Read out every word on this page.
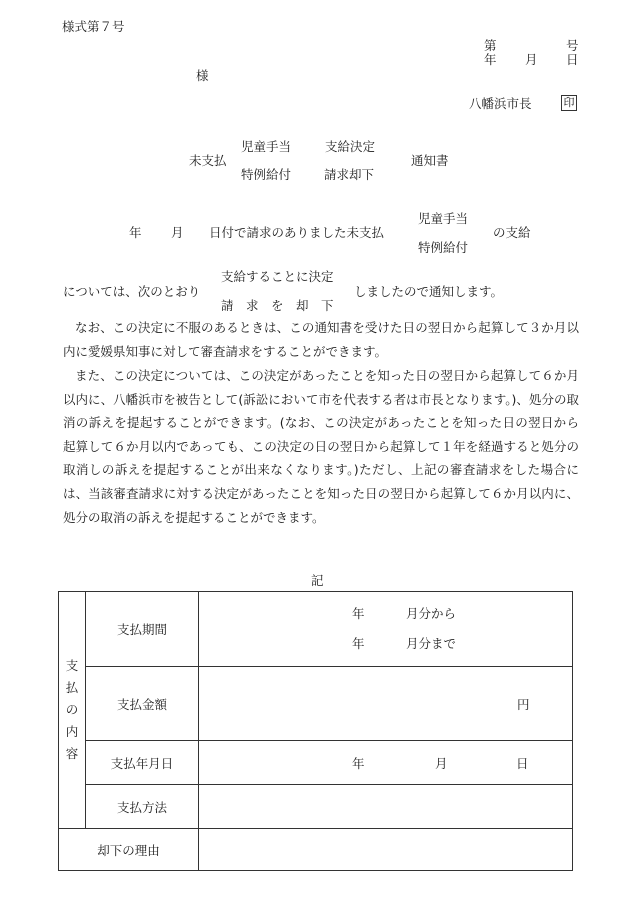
様式第７号
第	号
年 月 日
様
八幡浜市長	印
児童手当	支給決定
未支払	通知書
特例給付	請求却下
児童手当
年 月 日付で請求のありました未支払	の支給
特例給付
支給することに決定
については、次のとおり	しましたので通知します。
請　求　を　却　下
なお、この決定に不服のあるときは、この通知書を受けた日の翌日から起算して３か月以内に愛媛県知事に対して審査請求をすることができます。
また、この決定については、この決定があったことを知った日の翌日から起算して６か月以内に、八幡浜市を被告として(訴訟において市を代表する者は市長となります。)、処分の取消の訴えを提起することができます。(なお、この決定があったことを知った日の翌日から起算して６か月以内であっても、この決定の日の翌日から起算して１年を経過すると処分の取消しの訴えを提起することが出来なくなります。)ただし、上記の審査請求をした場合には、当該審査請求に対する決定があったことを知った日の翌日から起算して６か月以内に、処分の取消の訴えを提起することができます。
記
支
払
の
内
容	支払期間	年 月分から
年 月分まで

	支払金額	円

	支払年月日	年 月 日

	支払方法	
却下の理由		
